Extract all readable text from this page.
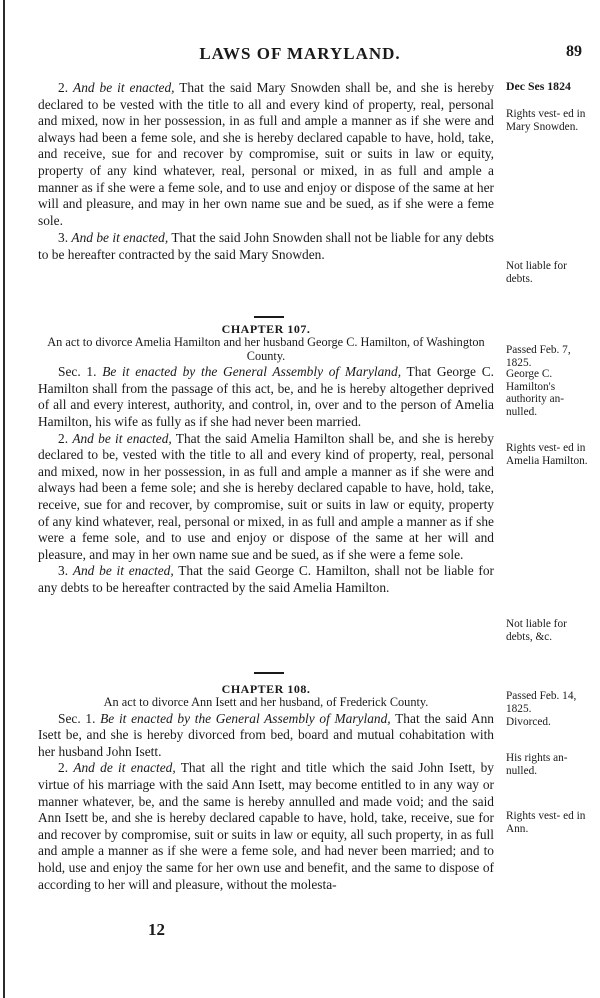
LAWS OF MARYLAND.	89

2. And be it enacted, That the said Mary Snowden shall be, and she is hereby declared to be vested with the title to all and every kind of property, real, personal and mixed, now in her possession, in as full and ample a manner as if she were and always had been a feme sole, and she is hereby declared capable to have, hold, take, and receive, sue for and recover by compromise, suit or suits in law or equity, property of any kind whatever, real, personal or mixed, in as full and ample a manner as if she were a feme sole, and to use and enjoy or dispose of the same at her will and pleasure, and may in her own name sue and be sued, as if she were a feme sole.

3. And be it enacted, That the said John Snowden shall not be liable for any debts to be hereafter contracted by the said Mary Snowden.

Dec Ses 1824
Rights vest- ed in Mary Snowden.
Not liable for debts.

CHAPTER 107.

An act to divorce Amelia Hamilton and her husband George C. Hamilton, of Washington County.

Sec. 1. Be it enacted by the General Assembly of Maryland, That George C. Hamilton shall from the passage of this act, be, and he is hereby altogether deprived of all and every interest, authority, and control, in, over and to the person of Amelia Hamilton, his wife as fully as if she had never been married.

2. And be it enacted, That the said Amelia Hamilton shall be, and she is hereby declared to be, vested with the title to all and every kind of property, real, personal and mixed, now in her possession, in as full and ample a manner as if she were and always had been a feme sole; and she is hereby declared capable to have, hold, take, receive, sue for and recover, by compromise, suit or suits in law or equity, property of any kind whatever, real, personal or mixed, in as full and ample a manner as if she were a feme sole, and to use and enjoy or dispose of the same at her will and pleasure, and may in her own name sue and be sued, as if she were a feme sole.

3. And be it enacted, That the said George C. Hamilton, shall not be liable for any debts to be hereafter contracted by the said Amelia Hamilton.

Passed Feb. 7, 1825.
George C. Hamilton's authority an- nulled.
Rights vest- ed in Amelia Hamilton.
Not liable for debts, &c.

CHAPTER 108.

An act to divorce Ann Isett and her husband, of Frederick County.

Sec. 1. Be it enacted by the General Assembly of Maryland, That the said Ann Isett be, and she is hereby divorced from bed, board and mutual cohabitation with her husband John Isett.

2. And de it enacted, That all the right and title which the said John Isett, by virtue of his marriage with the said Ann Isett, may become entitled to in any way or manner whatever, be, and the same is hereby annulled and made void; and the said Ann Isett be, and she is hereby declared capable to have, hold, take, receive, sue for and recover by compromise, suit or suits in law or equity, all such property, in as full and ample a manner as if she were a feme sole, and had never been married; and to hold, use and enjoy the same for her own use and benefit, and the same to dispose of according to her will and pleasure, without the molesta-

Passed Feb. 14, 1825.
Divorced.
His rights an- nulled.
Rights vest- ed in Ann.
12
